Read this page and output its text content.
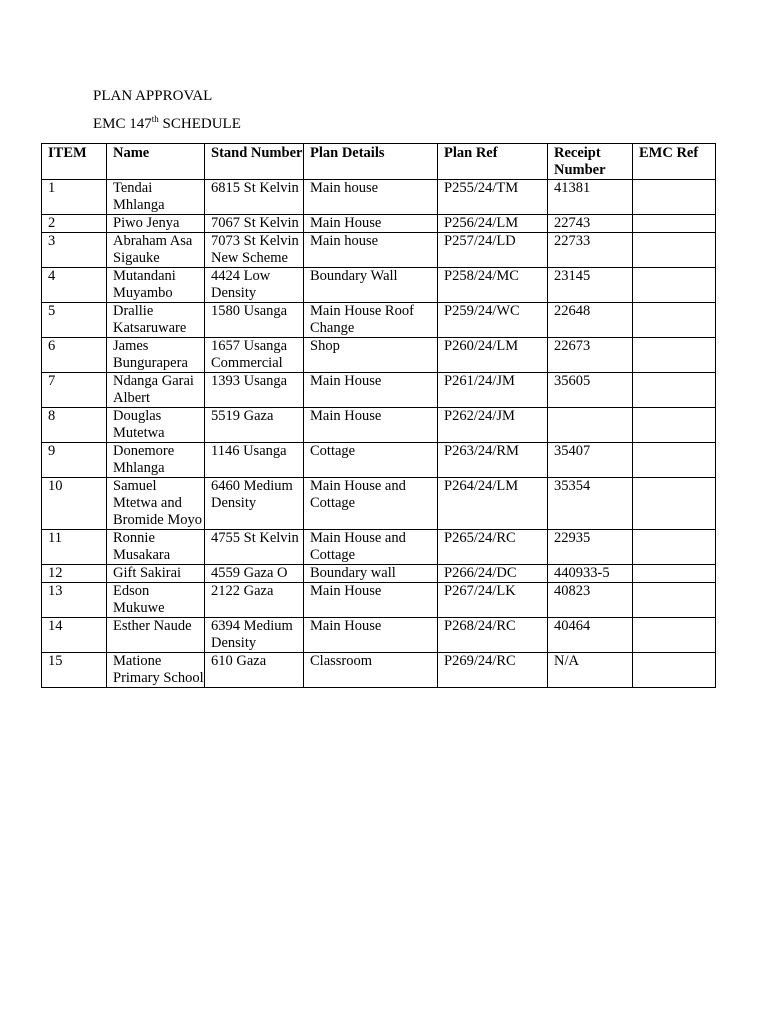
PLAN APPROVAL
EMC 147th SCHEDULE
ITEM	Name	Stand Number	Plan Details	Plan Ref	Receipt Number	EMC Ref
1	Tendai Mhlanga	6815 St Kelvin	Main house	P255/24/TM	41381	
2	Piwo Jenya	7067 St Kelvin	Main House	P256/24/LM	22743	
3	Abraham Asa Sigauke	7073 St Kelvin New Scheme	Main house	P257/24/LD	22733	
4	Mutandani Muyambo	4424 Low Density	Boundary Wall	P258/24/MC	23145	
5	Drallie Katsaruware	1580 Usanga	Main House Roof Change	P259/24/WC	22648	
6	James Bungurapera	1657 Usanga Commercial	Shop	P260/24/LM	22673	
7	Ndanga Garai Albert	1393 Usanga	Main House	P261/24/JM	35605	
8	Douglas Mutetwa	5519 Gaza	Main House	P262/24/JM		
9	Donemore Mhlanga	1146 Usanga	Cottage	P263/24/RM	35407	
10	Samuel Mtetwa and Bromide Moyo	6460 Medium Density	Main House and Cottage	P264/24/LM	35354	
11	Ronnie Musakara	4755 St Kelvin	Main House and Cottage	P265/24/RC	22935	
12	Gift Sakirai	4559 Gaza O	Boundary wall	P266/24/DC	440933-5	
13	Edson Mukuwe	2122 Gaza	Main House	P267/24/LK	40823	
14	Esther Naude	6394 Medium Density	Main House	P268/24/RC	40464	
15	Matione Primary School	610 Gaza	Classroom	P269/24/RC	N/A	
